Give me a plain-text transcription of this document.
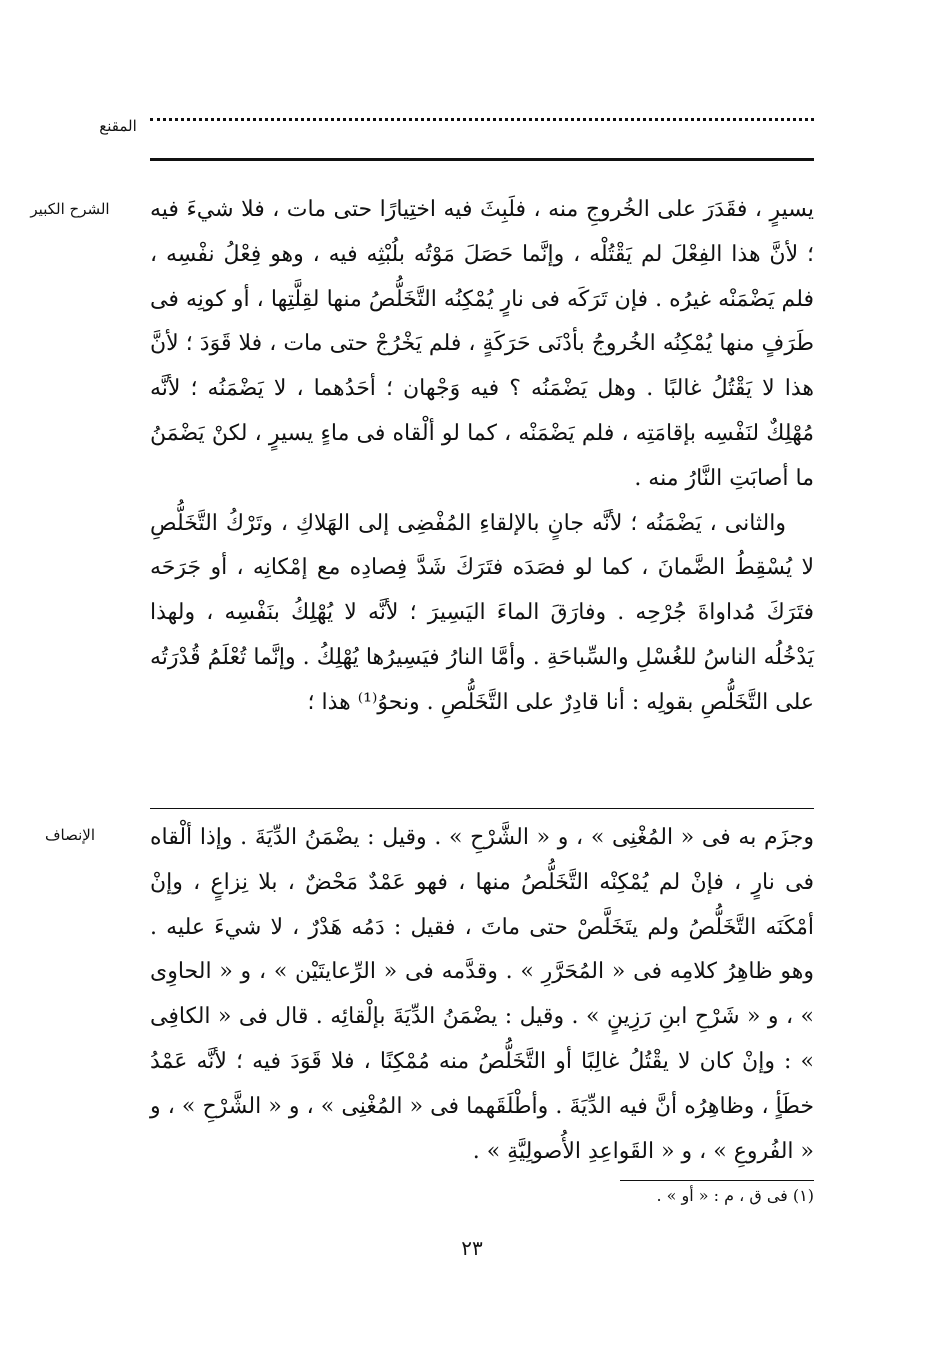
المقنع
الشرح الكبير	يسيرٍ ، فقَدَرَ على الخُروجِ منه ، فلَبِثَ فيه اختِيارًا حتى مات ، فلا شيءَ فيه ؛ لأنَّ هذا الفِعْلَ لم يَقْتُلْه ، وإنَّما حَصَلَ مَوْتُه بلُبْثِه فيه ، وهو فِعْلُ نفْسِه ، فلم يَضْمَنْه غيرُه . فإن تَرَكَه فى نارٍ يُمْكِنُه التَّخَلُّصُ منها لقِلَّتِها ، أو كونِه فى طَرَفٍ منها يُمْكِنُه الخُروجُ بأدْنَى حَرَكَةٍ ، فلم يَخْرُجْ حتى مات ، فلا قَوَدَ ؛ لأنَّ هذا لا يَقْتُلُ غالبًا . وهل يَضْمَنُه ؟ فيه وَجْهان ؛ أحَدُهما ، لا يَضْمَنُه ؛ لأنَّه مُهْلِكٌ لنَفْسِه بإقامَتِه ، فلم يَضْمَنْه ، كما لو ألْقاه فى ماءٍ يسيرٍ ، لكنْ يَضْمَنُ ما أصابَتِ النَّارُ منه .

والثانى ، يَضْمَنُه ؛ لأنَّه جانٍ بالإلقاءِ المُفْضِى إلى الهَلاكِ ، وتَرْكُ التَّخَلُّصِ لا يُسْقِطُ الضَّمانَ ، كما لو فصَدَه فتَرَكَ شَدَّ فِصادِه مع إمْكانِه ، أو جَرَحَه فتَرَكَ مُداواةَ جُرْحِه . وفارَقَ الماءَ اليَسِيرَ ؛ لأنَّه لا يُهْلِكُ بنَفْسِه ، ولهذا يَدْخُلُه الناسُ للغُسْلِ والسِّباحَةِ . وأمَّا النارُ فيَسِيرُها يُهْلِكُ . وإنَّما تُعْلَمُ قُدْرَتُه على التَّخَلُّصِ بقولِه : أنا قادِرٌ على التَّخَلُّصِ . ونحوُ⁽¹⁾ هذا ؛

الإنصاف	وجزَم به فى « المُغْنِى » ، و « الشَّرْحِ » . وقيل : يضْمَنُ الدِّيَةَ . وإذا ألْقاه فى نارٍ ، فإنْ لم يُمْكِنْه التَّخَلُّصُ منها ، فهو عَمْدٌ مَحْضٌ ، بلا نِزاعٍ ، وإنْ أمْكَنَه التَّخَلُّصُ ولم يتَخَلَّصْ حتى ماتَ ، فقيل : دَمُه هَدْرٌ ، لا شيءَ عليه . وهو ظاهِرُ كلامِه فى « المُحَرَّرِ » . وقدَّمه فى « الرِّعايتَيْن » ، و « الحاوِى » ، و « شَرْحِ ابنِ رَزِينٍ » . وقيل : يضْمَنُ الدِّيَةَ بإلْقائِه . قال فى « الكافِى » : وإنْ كان لا يقْتُلُ غالِبًا أو التَّخَلُّصُ منه مُمْكِنًا ، فلا قَوَدَ فيه ؛ لأنَّه عَمْدُ خطَأٍ ، وظاهِرُه أنَّ فيه الدِّيَةَ . وأطْلَقَهما فى « المُغْنِى » ، و « الشَّرْحِ » ، و « الفُروعِ » ، و « القَواعِدِ الأُصولِيَّةِ » .

(١) فى ق ، م : « أو » .
٢٣
